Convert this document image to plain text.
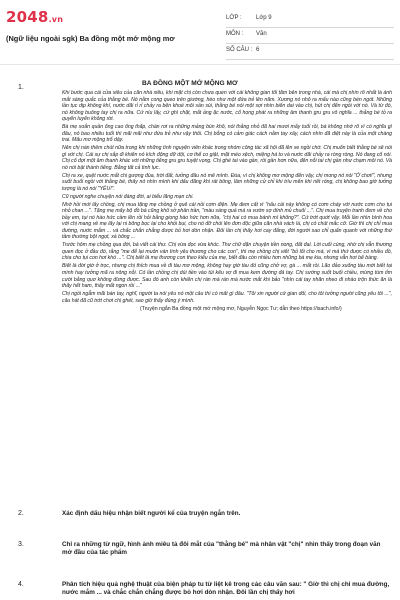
2048.vn
(Ngữ liệu ngoài sgk) Ba đồng một mớ mộng mơ
LỚP : Lớp 9
MÔN : Văn
SỐ CÂU : 6
1.
BA ĐỒNG MỘT MỚ MỘNG MƠ

Khi bước qua cái cửa xiêu của căn nhà xiêu, khi mặt chị còn chưa quen với cái không gian tối tăm bên trong nhà, cái mà chị nhìn rõ nhất là ánh mắt sáng quắc của thằng bé. Nó nằm cong queo trên giường, hèo như một đứa trẻ lên năm. Xương nó nhô ra mẩu nào cũng bén ngót. Những lần tục dịp không khí, nước dãi rỉ rỉ chảy ra bên khoé môi sần sùi, thằng bé nói một sợi nhìn biến dai vào chị, hút chị đến ngồi với nó. Và từ đó, nó không buông tay chị ra nữa. Cứ níu lấy, cứ ghì chặt, mắt ảng ặc nước, cổ họng phát ra những âm thanh gru gru vô nghĩa ... thằng bé tỏ ra quyến luyến không rời.

Bà mẹ xoắn quần ống cao ống thấp, chán rơi ra những mảng bùn khô, nói thằng nhỏ đã hai mươi mấy tuổi rồi, bà không nhớ rõ vì có nghĩa gì đâu, nó bao nhiêu tuổi thì mãi mãi như đứa trẻ như vậy thôi. Chị bỗng có cảm giác cách nằm tay xây, cách nhìn đã diệt này là của một chàng trai. Mấu mơ mộng trổ dậy.

Nên chị nán thêm chút nữa trong khi những tình nguyện viên khác trong nhóm công tác xã hội đã lên xe ngồi chờ. Chị muốn biết thằng bé sẽ nói gì với chị. Cái sự chị sắp đi khiến nó kích động dữ dội, cơ thể co giật, mặt méo xệch, miệng há to và nước dãi chảy ra ròng ròng. Nó đang cố nói. Chị cố đợi một âm thanh khác với những tiếng gru gru tuyệt vọng. Chị ghé tai vào gần, rồi gần hơn nữa, đến nỗi tai chị gần như chạm môi nó. Và nó nói bật thành tiếng. Bằng tất cả tình lực.

Chị ra xe, quệt nước mắt chị gượng đùa, trời đất, tưởng đâu nó mê mình. Đùa, vì chị không mơ mộng đến vậy, chị mong nó nói "Ở chơi!", nhưng suốt buổi ngồi với thằng bé, thấy nó nhìn mình khi dấu đăng khi rát bông, lâm những cử chỉ khi trìu mến khi riết róng, chị không bao giờ tưởng tượng là nó nói "YÊU!".

Cũ người nghe chuyện nói đáng đời, ai biểu lãng mạn chi.

Nhớ hồi mới lấy chồng, chị mua tặng mẹ chồng ở quê cái nồi cơm điện. Mẹ đem cất vì "nấu cái này không có cơm cháy với nước cơm cho tụi nhỏ chan ...". Tặng mẹ mấy bộ đồ bà cũng khô sở phân trần, "màu sáng quá má ra vườn sợ dính mủ chuối ...". Chị mua truyện tranh đem về cho bầy em, tụi nó hào hức cầm lên rồi hỏi bằng giọng hào hức hơn nữa, "chị hai có mua bánh mì không?". Cứ trớt quớt vậy. Mỗi lần nhìn bình hoa với chị mang về mẹ lấy lại ni bông bọc lại cho khỏi bụi, cho nó đỡ chói lên đơn độc giữa căn nhà vách lá, chị có chút mắc cỡ. Giờ thì chị chỉ mua đường, nước mắm ... và chắc chắn chẳng được bỏ hơi dòn nhận. Đôi lần chị thấy hơi cay đắng, đời người sao chỉ quẩn quanh với những thứ tầm thường bột ngọt, xà bông ...

Trước hôm mẹ chồng qua đời, bà viết cái thư. Chị vừa đọc vừa khóc. Thư chữ dặn chuyện tiền nong, đất đai. Lời cuối cùng, nhờ chị vẫn thương quen đọc ở đầu đó, rằng "me để lại muôn vàn tình yêu thương cho các con", thì mẹ chồng chị viết "bỏ lối cho má, vì má thứ được có nhiều đồ, chia cho tụi con hơi khó ...". Chị biết là mẹ thương con theo kiểu của mẹ, biết đâu còn nhiều hơn những bà mẹ kia, nhưng vẫn hơi bế bàng.

Biết là đời giờ ở trọc, nhưng chị thích mua về đi tàu mơ mộng, không hay giờ tàu đó cũng chở vợ, gà ... mắt rồi. Lão đảo xuống tàu mới biết tại mình hay tưởng mã ra nông nỗi. Có lần chồng chị dúi tiền vào túi kêu vợ đi mua kem đường đá tay. Chị sướng suốt buổi chiều, mừng tùm tỉm cười bằng quơ không đừng được. Sau đó anh còn khiến chị rán mà rán mà nước mắt khi bảo "nhìn cái tay nhăn nheo đi nhào trộn thức ăn là thấy hết ham, thấy mắt ngon rồi ..."

Chị ngồi ngẫm mãi bàn tay, nghĩ, người ta nói yêu nó một câu thì có mất gì đâu. "Tôi xin người cứ gian dối, cho tôi tưởng người cũng yêu tôi ...", câu hát đã cũ trớt chơi chị ghét, sao giờ thấy đúng ý mình.

(Truyện ngắn Ba đồng một mớ mộng mơ, Nguyễn Ngọc Tư; dẫn theo https://isach.info/)
2.	Xác định dấu hiệu nhận biết người kể của truyện ngắn trên.
3.	Chỉ ra những từ ngữ, hình ảnh miêu tả đôi mắt của "thằng bé" mà nhân vật "chị" nhìn thấy trong đoạn văn mở đầu của tác phẩm
4.	Phân tích hiệu quả nghệ thuật của biện pháp tu từ liệt kê trong các câu văn sau: " Giờ thì chị chỉ mua đường, nước mắm ... và chắc chắn chẳng được bỏ hơi dòn nhận. Đôi lần chị thấy hơi
